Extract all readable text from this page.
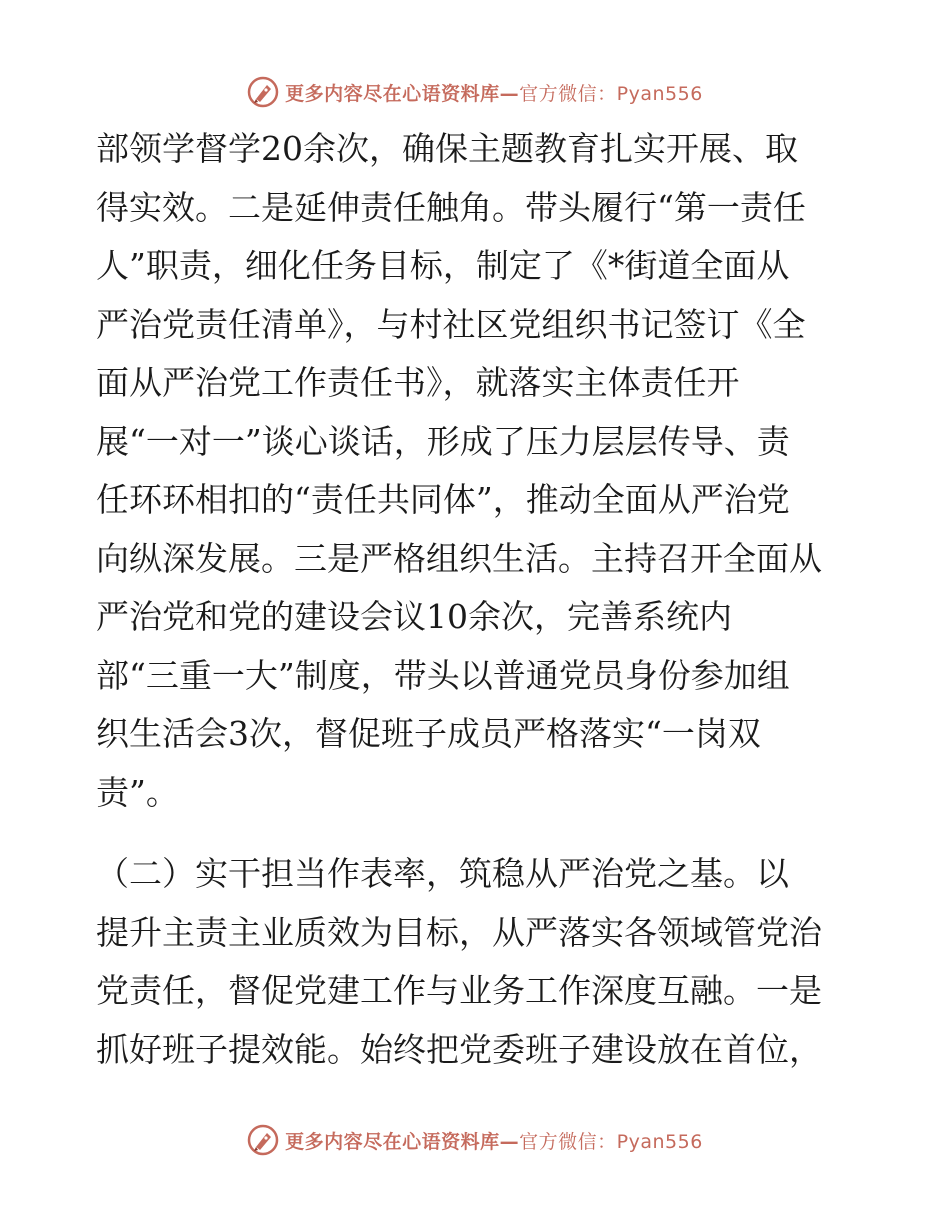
更多内容尽在心语资料库—官方微信：Pyan556
部领学督学20余次，确保主题教育扎实开展、取
得实效。二是延伸责任触角。带头履行“第一责任
人”职责，细化任务目标，制定了《*街道全面从
严治党责任清单》，与村社区党组织书记签订《全
面从严治党工作责任书》，就落实主体责任开
展“一对一”谈心谈话，形成了压力层层传导、责
任环环相扣的“责任共同体”，推动全面从严治党
向纵深发展。三是严格组织生活。主持召开全面从
严治党和党的建设会议10余次，完善系统内
部“三重一大”制度，带头以普通党员身份参加组
织生活会3次，督促班子成员严格落实“一岗双
责”。
（二）实干担当作表率，筑稳从严治党之基。以
提升主责主业质效为目标，从严落实各领域管党治
党责任，督促党建工作与业务工作深度互融。一是
抓好班子提效能。始终把党委班子建设放在首位，
更多内容尽在心语资料库—官方微信：Pyan556
